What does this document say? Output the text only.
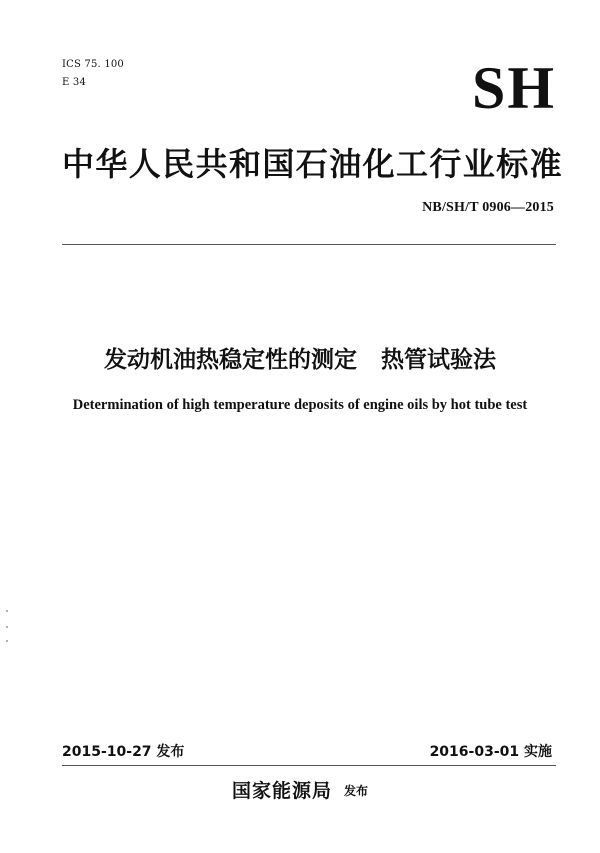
ICS 75. 100
E 34	SH
中华人民共和国石油化工行业标准
NB/SH/T 0906—2015
发动机油热稳定性的测定   热管试验法
Determination of high temperature deposits of engine oils by hot tube test
2015-10-27 发布	2016-03-01 实施
国家能源局 发布
